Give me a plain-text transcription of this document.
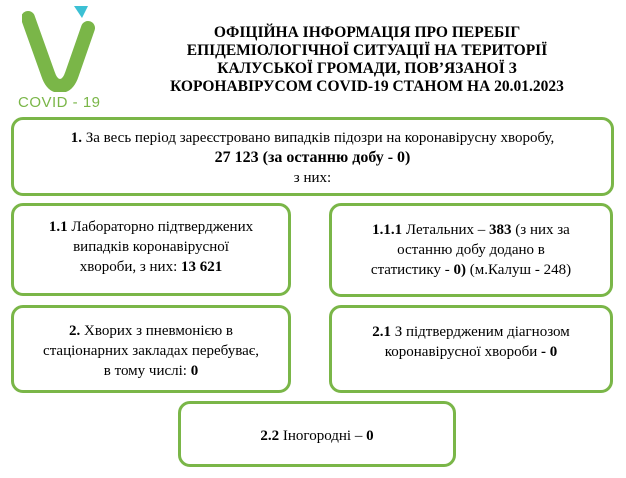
COVID - 19
ОФІЦІЙНА ІНФОРМАЦІЯ ПРО ПЕРЕБІГ
ЕПІДЕМІОЛОГІЧНОЇ СИТУАЦІЇ НА ТЕРИТОРІЇ
КАЛУСЬКОЇ ГРОМАДИ, ПОВ’ЯЗАНОЇ З
КОРОНАВІРУСОМ COVID-19 СТАНОМ НА 20.01.2023
1. За весь період зареєстровано випадків підозри на коронавірусну хворобу,
27 123 (за останню добу - 0)
з них:
1.1 Лабораторно підтверджених
випадків коронавірусної
хвороби, з них: 13 621
1.1.1 Летальних – 383 (з них за
останню добу додано в
статистику - 0) (м.Калуш - 248)
2. Хворих з пневмонією в
стаціонарних закладах перебуває,
в тому числі: 0
2.1 З підтвердженим діагнозом
коронавірусної хвороби - 0
2.2 Іногородні – 0
